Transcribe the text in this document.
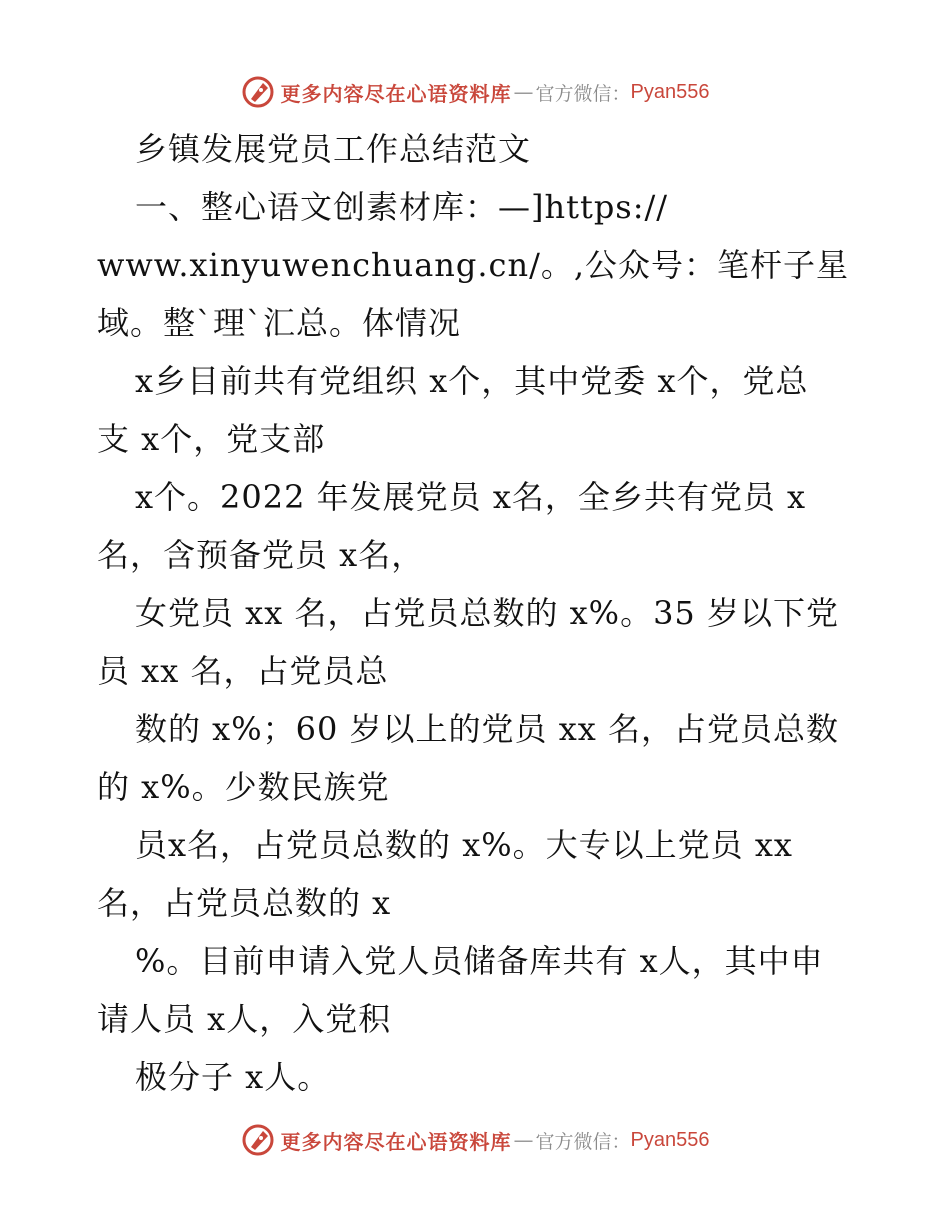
更多内容尽在心语资料库 — 官方微信： Pyan556
乡镇发展党员工作总结范文
一、整心语文创素材库：—]https://
www.xinyuwenchuang.cn/。,公众号：笔杆子星
域。整`理`汇总。体情况
x乡目前共有党组织 x个，其中党委 x个，党总
支 x个，党支部
x个。2022 年发展党员 x名，全乡共有党员 x
名，含预备党员 x名，
女党员 xx 名，占党员总数的 x%。35 岁以下党
员 xx 名，占党员总
数的 x%；60 岁以上的党员 xx 名，占党员总数
的 x%。少数民族党
员x名，占党员总数的 x%。大专以上党员 xx
名，占党员总数的 x
%。目前申请入党人员储备库共有 x人，其中申
请人员 x人，入党积
极分子 x人。
更多内容尽在心语资料库 — 官方微信： Pyan556
